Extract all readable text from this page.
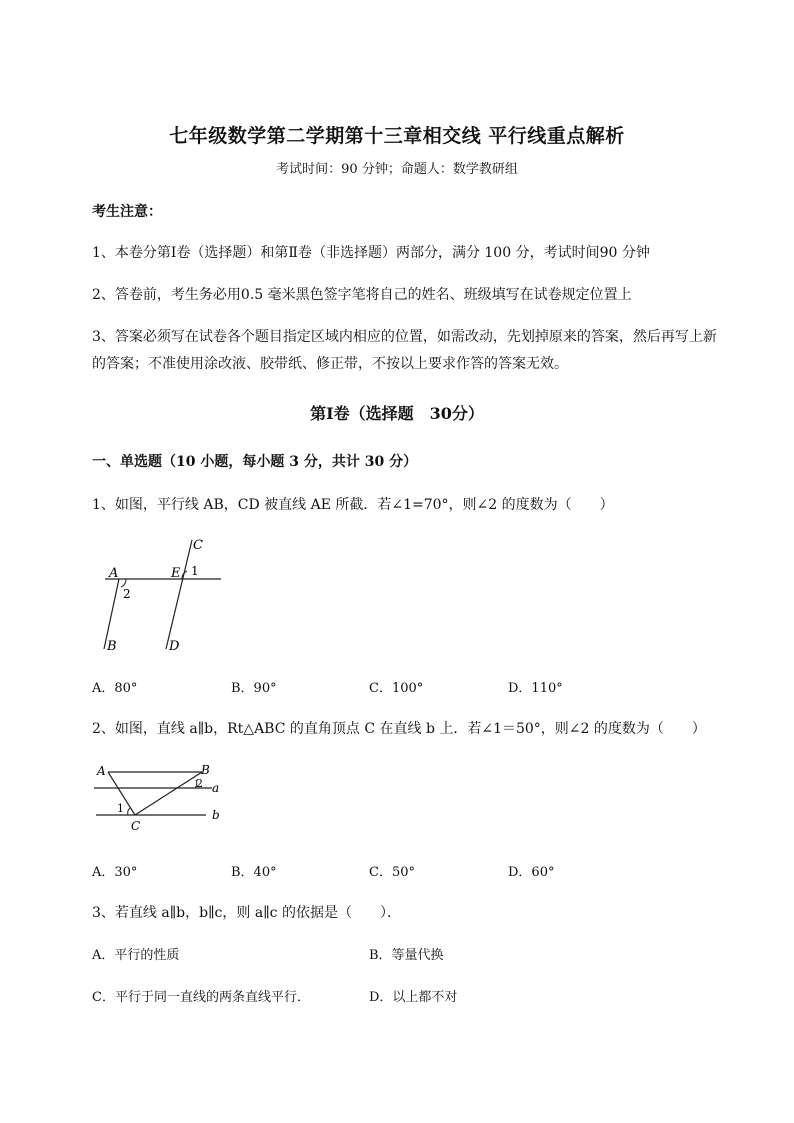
七年级数学第二学期第十三章相交线 平行线重点解析
考试时间：90 分钟；命题人：数学教研组
考生注意：
1、本卷分第Ⅰ卷（选择题）和第Ⅱ卷（非选择题）两部分，满分 100 分，考试时间90 分钟
2、答卷前，考生务必用0.5 毫米黑色签字笔将自己的姓名、班级填写在试卷规定位置上
3、答案必须写在试卷各个题目指定区域内相应的位置，如需改动，先划掉原来的答案，然后再写上新
的答案；不准使用涂改液、胶带纸、修正带，不按以上要求作答的答案无效。
第Ⅰ卷（选择题　30分）
一、单选题（10 小题，每小题 3 分，共计 30 分）
1、如图，平行线 AB，CD 被直线 AE 所截．若∠1=70°，则∠2 的度数为（　　）
A	E
C
1
2
B	D
A．80°	B．90°	C．100°	D．110°
2、如图，直线 a∥b，Rt△ABC 的直角顶点 C 在直线 b 上．若∠1＝50°，则∠2 的度数为（　　）
A	B
2 a
1
C
b
A．30°	B．40°	C．50°	D．60°
3、若直线 a∥b，b∥c，则 a∥c 的依据是（　　）．
A．平行的性质	B．等量代换
C．平行于同一直线的两条直线平行．	D．以上都不对
